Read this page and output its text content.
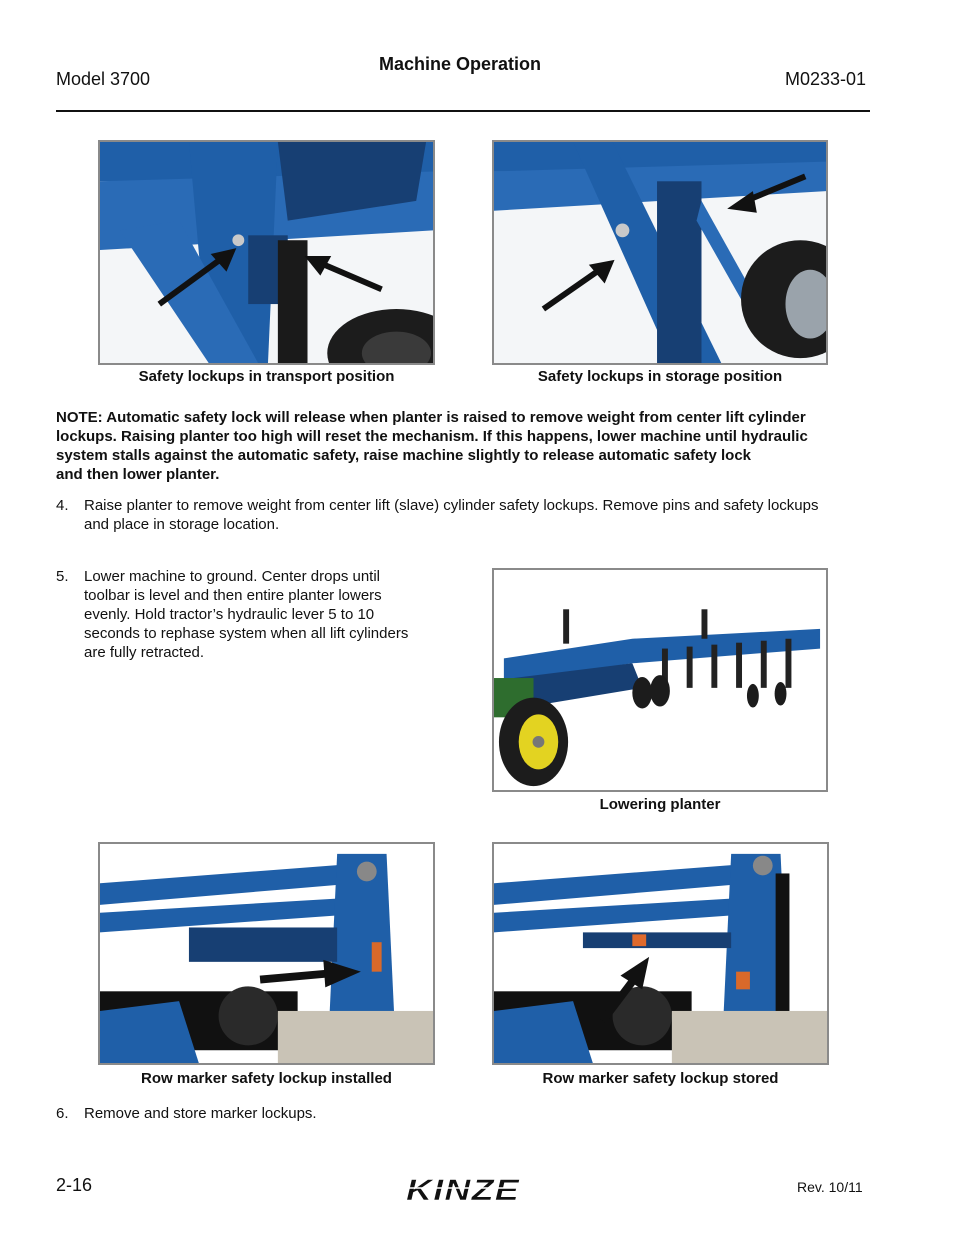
Model 3700
Machine Operation
M0233-01
Safety lockups in transport position	Safety lockups in storage position
NOTE: Automatic safety lock will release when planter is raised to remove weight from center lift cylinder
lockups. Raising planter too high will reset the mechanism. If this happens, lower machine until hydraulic
system stalls against the automatic safety, raise machine slightly to release automatic safety lock
and then lower planter.
4. Raise planter to remove weight from center lift (slave) cylinder safety lockups. Remove pins and safety lockups
and place in storage location.
5. Lower machine to ground. Center drops until
toolbar is level and then entire planter lowers
evenly. Hold tractor’s hydraulic lever 5 to 10
seconds to rephase system when all lift cylinders
are fully retracted.
Lowering planter
Row marker safety lockup installed	Row marker safety lockup stored
6. Remove and store marker lockups.
2-16	KINZE	Rev. 10/11
